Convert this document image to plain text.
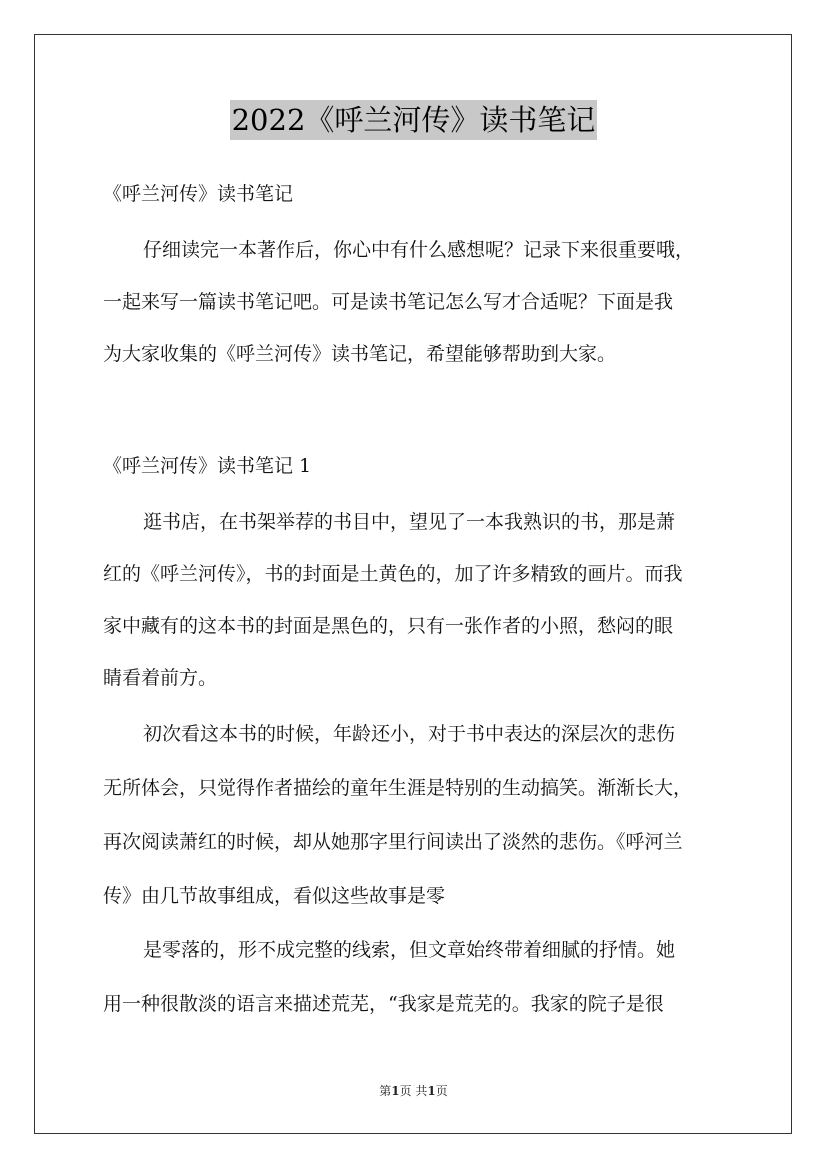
2022《呼兰河传》读书笔记
《呼兰河传》读书笔记
仔细读完一本著作后，你心中有什么感想呢？记录下来很重要哦，
一起来写一篇读书笔记吧。可是读书笔记怎么写才合适呢？下面是我
为大家收集的《呼兰河传》读书笔记，希望能够帮助到大家。
《呼兰河传》读书笔记 1
逛书店，在书架举荐的书目中，望见了一本我熟识的书，那是萧
红的《呼兰河传》，书的封面是土黄色的，加了许多精致的画片。而我
家中藏有的这本书的封面是黑色的，只有一张作者的小照，愁闷的眼
睛看着前方。
初次看这本书的时候，年龄还小，对于书中表达的深层次的悲伤
无所体会，只觉得作者描绘的童年生涯是特别的生动搞笑。渐渐长大，
再次阅读萧红的时候，却从她那字里行间读出了淡然的悲伤。《呼河兰
传》由几节故事组成，看似这些故事是零
是零落的，形不成完整的线索，但文章始终带着细腻的抒情。她
用一种很散淡的语言来描述荒芜，“我家是荒芜的。我家的院子是很
第1页 共1页
